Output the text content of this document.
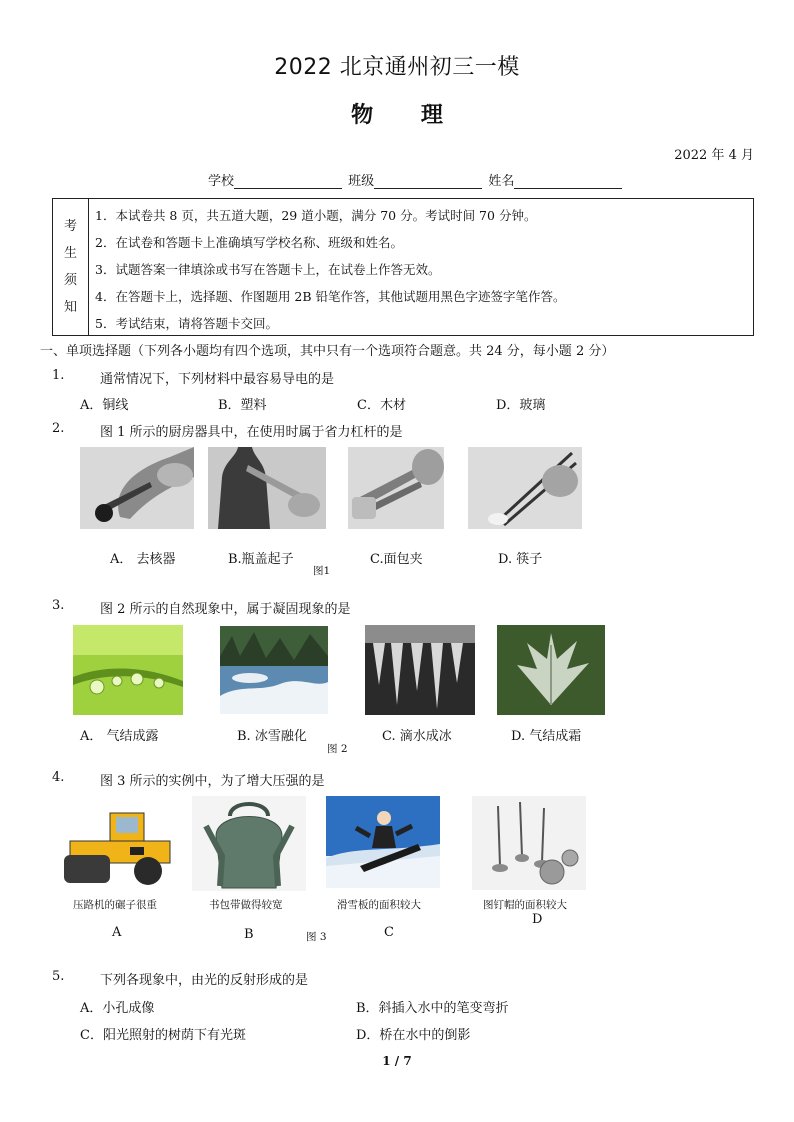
2022 北京通州初三一模
物 理
2022 年 4 月
学校	班级	姓名
考
生
须
知
1．本试卷共 8 页，共五道大题，29 道小题，满分 70 分。考试时间 70 分钟。
2．在试卷和答题卡上准确填写学校名称、班级和姓名。
3．试题答案一律填涂或书写在答题卡上，在试卷上作答无效。
4．在答题卡上，选择题、作图题用 2B 铅笔作答，其他试题用黑色字迹签字笔作答。
5．考试结束，请将答题卡交回。
一、单项选择题（下列各小题均有四个选项，其中只有一个选项符合题意。共 24 分，每小题 2 分）
1.	通常情况下，下列材料中最容易导电的是
A．铜线	B．塑料	C．木材	D．玻璃
2.	图 1 所示的厨房器具中，在使用时属于省力杠杆的是
A． 去核器	B.瓶盖起子	C.面包夹	D. 筷子
图1
3.	图 2 所示的自然现象中，属于凝固现象的是
A． 气结成露	B. 冰雪融化	C. 滴水成冰	D. 气结成霜
图 2
4.	图 3 所示的实例中，为了增大压强的是
压路机的碾子很重	书包带做得较宽	滑雪板的面积较大	图钉帽的面积较大
D
A	B	图 3	C
5.	下列各现象中，由光的反射形成的是
A．小孔成像	B．斜插入水中的笔变弯折
C．阳光照射的树荫下有光斑	D．桥在水中的倒影
1 / 7
